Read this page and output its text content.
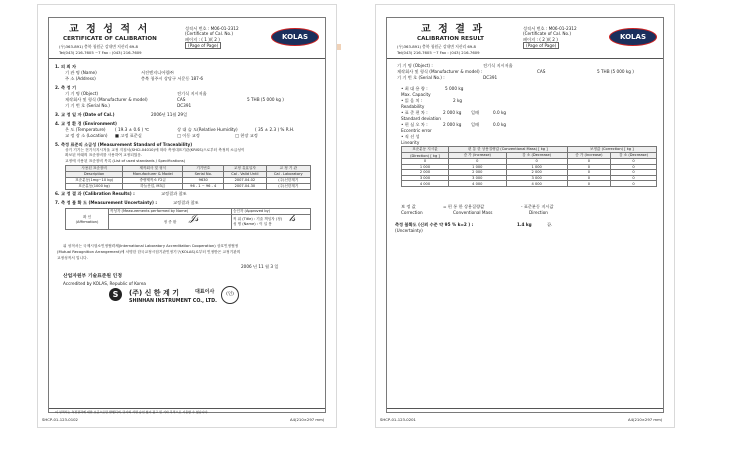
교 정 성 적 서
CERTIFICATE OF CALIBRATION
(우)363-891) 충북 청원군 강내면 저산리 69-8
Tel(043) 216-7605 ~7 Fax : (043) 216-7609
성적서 번호 : M06-01-2312
(Certificate of Cal. No.)
페이지 : ( 1 )/( 2 )
(Page of Page)
KOLAS
1. 의 뢰 자
기 관 명 (Name)	서진엔지니어링㈜
주 소 (Address)	충북 청주시 상당구 서문동 187-6
2. 측 정 기
기 기 명 (Object)	전기식 지시저울
제작회사 및 형식 (Manufacturer & model)	CAS	5 THB (5 000 kg )
기 기 번 호 (Serial No.)	DC391
3. 교 정 일 자 (Date of Cal.)	2006년 11월 29일
4. 교 정 환 경 (Environment)
온 도 (Temperature) ( 19.3 ± 0.6 ) ℃	상 대 습 도(Relative Humidity)	( 35 ± 2.3 ) % R.H.
교 정 장 소 (Location) ■ 고정 표준실	□ 이동 교정	□ 현장 교정
5. 측정 표준의 소급성 (Measurement Standard of Traceability)
상기 기기는 전기식지시저울 교정 지침서(SHCI-04010)에 따라 측정대표기관(KRISS)으로부터 측정의 소급성이
확보된 아래의 표준장비를 사용하여 교정되었음.
교정에 사용된 표준장비 목록 (List of used standards / Specifications)
사용된 표준장비	제작회사 및 형식	기기번호	교정 유효일자	교 정 기 관
Description	Manufacturer & Model	Serial No.	Cal . Valid Until	Cal . Laboratory
표준분동(1mg~10 kg)	중량제작소 F2급	9630	2007.04.02	(주)신한계기
표준분동(1000 kg)	하늘산업, M3급	96 - 1 ~ 96 - 4	2007.04.30	(주)신한계기
6. 교 정 결 과 (Calibration Results) :	교정결과 참조
7. 측 정 불 확 도 (Measurement Uncertainty) :	교정결과 참조
확 인
(Affirmation)	작성자 (Measurements performed by Name)	승인자 (Approved by)
	정 종 환	직 위 (Title) : 기술 책임자 (정)
성 명 (Name) : 이 일 봉
𝒥𝓈	𝓁𝓈
위 성적서는 국제시험소인정협력체(International Laboratory Accreditation Cooperation) 상호인정협정
(Mutual Recognition Arrangement)에 서명한 한국교정시험기관인정기구(KOLAS)로부터 인정받은 교정기관의
교정성적서 입니다.
2006 년 11 월 3 일
산업자원부 기술표준원 인정
Accredited by KOLAS, Republic of Korea
S	(주) 신 한 계 기	대표이사	(인)
SHINHAN INSTRUMENT CO., LTD.
이 성적서는 측정결과에 대한 보증으로만 발행되며, 당사의 서면 승인 없이 광고 및 기타 목적으로 사용할 수 없습니다.
SHCP-01-123-0102	A4(210×297 mm)
교 정 결 과
CALIBRATION RESULT
(우)363-891) 충북 청원군 강내면 저산리 69-8
Tel(043) 216-7605 ~7 Fax : (043) 216-7609
성적서 번호 : M06-01-2312
(Certificate of Cal. No.)
페이지 : ( 2 )/( 2 )
(Page of Page)
KOLAS
기 기 명 (Object) :	전기식 지시저울
제작회사 및 형식 (Manufacturer & model) :	CAS	5 THB (5 000 kg )
기 기 번 호 (Serial No.) :	DC391
• 최 대 용 량 :	5 000 kg
Max. Capacity
• 읽 음 치 :	2 kg
Readability
• 표 준 편 차 :	2 000 kg 일때	0.0 kg
Standard deviation
• 편 심 오 차 :	2 000 kg 일때	0.0 kg
Eccentric error
• 직 선 성
Linearity
표준분동 지시값	편 통 한 상용질량값 (Conventional Mass) [ kg ]		보정값 (Correction) [ kg ]	
(Direction) [ kg ]	증 가 (Increase)	감 소 (Decrease)	증 가 (Increase)	감 소 (Decrease)
0	0	0	0	0
1 000	1 000	1 000	0	0
2 000	2 000	2 000	0	0
3 000	3 000	3 000	0	0
4 000	4 000	4 000	0	0
보 정 값
Correction
= 편 통 한 상용질량값
Conventional Mass
- 표준분동 지시값
Direction
측정 불확도 (신뢰 수준 약 95 % k=2 ) :
(Uncertainty)
1.4 kg	끝.
SHCP-01-123-0201	A4(210×297 mm)
